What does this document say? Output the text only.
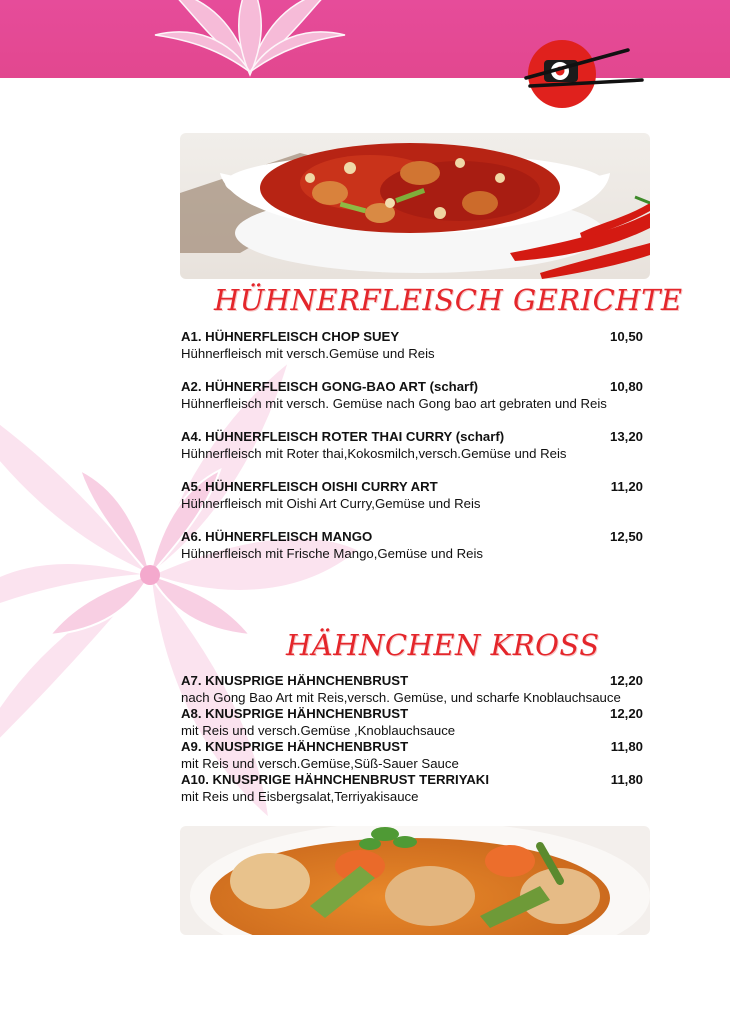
HÜHNERFLEISCH GERICHTE
A1. HÜHNERFLEISCH CHOP SUEY	10,50
Hühnerfleisch mit versch.Gemüse und Reis
A2. HÜHNERFLEISCH GONG-BAO ART (scharf)	10,80
Hühnerfleisch mit versch. Gemüse nach Gong bao art gebraten und Reis
A4. HÜHNERFLEISCH ROTER THAI CURRY (scharf)	13,20
Hühnerfleisch mit Roter thai,Kokosmilch,versch.Gemüse und Reis
A5. HÜHNERFLEISCH OISHI CURRY ART	11,20
Hühnerfleisch mit Oishi Art Curry,Gemüse und Reis
A6. HÜHNERFLEISCH MANGO	12,50
Hühnerfleisch mit Frische Mango,Gemüse und Reis
HÄHNCHEN KROSS
A7. KNUSPRIGE HÄHNCHENBRUST	12,20
nach Gong Bao Art mit Reis,versch. Gemüse, und scharfe Knoblauchsauce
A8. KNUSPRIGE HÄHNCHENBRUST	12,20
mit Reis und versch.Gemüse ,Knoblauchsauce
A9. KNUSPRIGE HÄHNCHENBRUST	11,80
mit Reis und versch.Gemüse,Süß-Sauer Sauce
A10. KNUSPRIGE HÄHNCHENBRUST TERRIYAKI	11,80
mit Reis und Eisbergsalat,Terriyakisauce
